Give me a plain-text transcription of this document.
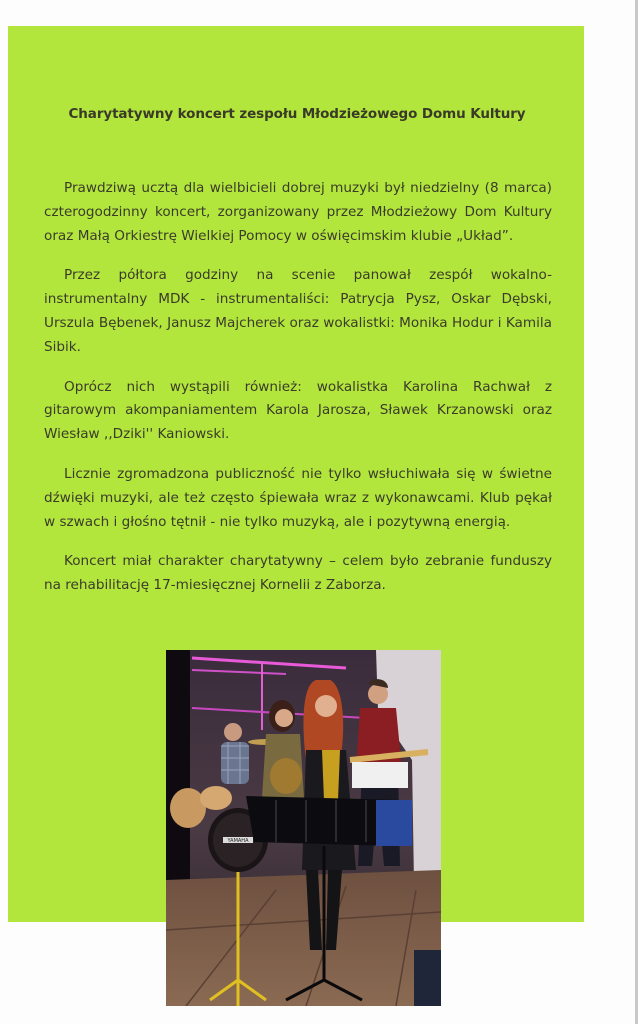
Charytatywny koncert zespołu Młodzieżowego Domu Kultury

Prawdziwą ucztą dla wielbicieli dobrej muzyki był niedzielny (8 marca) czterogodzinny koncert, zorganizowany przez Młodzieżowy Dom Kultury oraz Małą Orkiestrę Wielkiej Pomocy w oświęcimskim klubie „Układ”.

Przez półtora godziny na scenie panował zespół wokalno-instrumentalny MDK - instrumentaliści: Patrycja Pysz, Oskar Dębski, Urszula Bębenek, Janusz Majcherek oraz wokalistki: Monika Hodur i Kamila Sibik.

Oprócz nich wystąpili również: wokalistka Karolina Rachwał z gitarowym akompaniamentem Karola Jarosza, Sławek Krzanowski oraz Wiesław ,,Dziki'' Kaniowski.

Licznie zgromadzona publiczność nie tylko wsłuchiwała się w świetne dźwięki muzyki, ale też często śpiewała wraz z wykonawcami. Klub pękał w szwach i głośno tętnił - nie tylko muzyką, ale i pozytywną energią.

Koncert miał charakter charytatywny – celem było zebranie funduszy na rehabilitację 17-miesięcznej Kornelii z Zaborza.

YAMAHA
